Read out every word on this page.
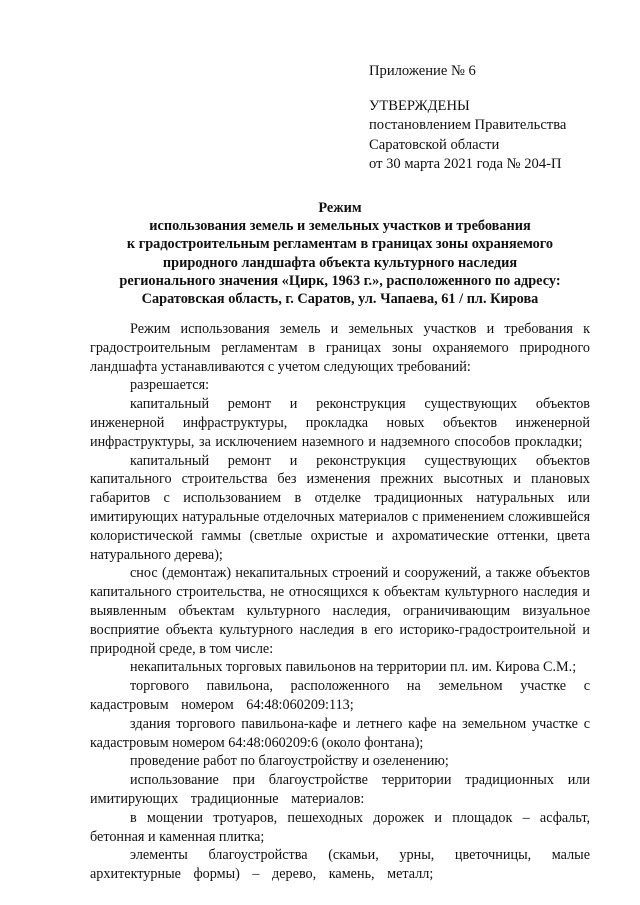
Приложение № 6
УТВЕРЖДЕНЫ
постановлением Правительства
Саратовской области
от 30 марта 2021 года № 204-П
Режим
использования земель и земельных участков и требования
к градостроительным регламентам в границах зоны охраняемого
природного ландшафта объекта культурного наследия
регионального значения «Цирк, 1963 г.», расположенного по адресу:
Саратовская область, г. Саратов, ул. Чапаева, 61 / пл. Кирова

Режим использования земель и земельных участков и требования к градостроительным регламентам в границах зоны охраняемого природного ландшафта устанавливаются с учетом следующих требований:

разрешается:

капитальный ремонт и реконструкция существующих объектов инженерной инфраструктуры, прокладка новых объектов инженерной инфраструктуры, за исключением наземного и надземного способов прокладки;

капитальный ремонт и реконструкция существующих объектов капитального строительства без изменения прежних высотных и плановых габаритов с использованием в отделке традиционных натуральных или имитирующих натуральные отделочных материалов с применением сложившейся колористической гаммы (светлые охристые и ахроматические оттенки, цвета натурального дерева);

снос (демонтаж) некапитальных строений и сооружений, а также объектов капитального строительства, не относящихся к объектам культурного наследия и выявленным объектам культурного наследия, ограничивающим визуальное восприятие объекта культурного наследия в его историко-градостроительной и природной среде, в том числе:

некапитальных торговых павильонов на территории пл. им. Кирова С.М.;

торгового павильона, расположенного на земельном участке с кадастровым номером 64:48:060209:113;

здания торгового павильона-кафе и летнего кафе на земельном участке с кадастровым номером 64:48:060209:6 (около фонтана);

проведение работ по благоустройству и озеленению;

использование при благоустройстве территории традиционных или имитирующих традиционные материалов:

в мощении тротуаров, пешеходных дорожек и площадок – асфальт, бетонная и каменная плитка;

элементы благоустройства (скамьи, урны, цветочницы, малые архитектурные формы) – дерево, камень, металл;
